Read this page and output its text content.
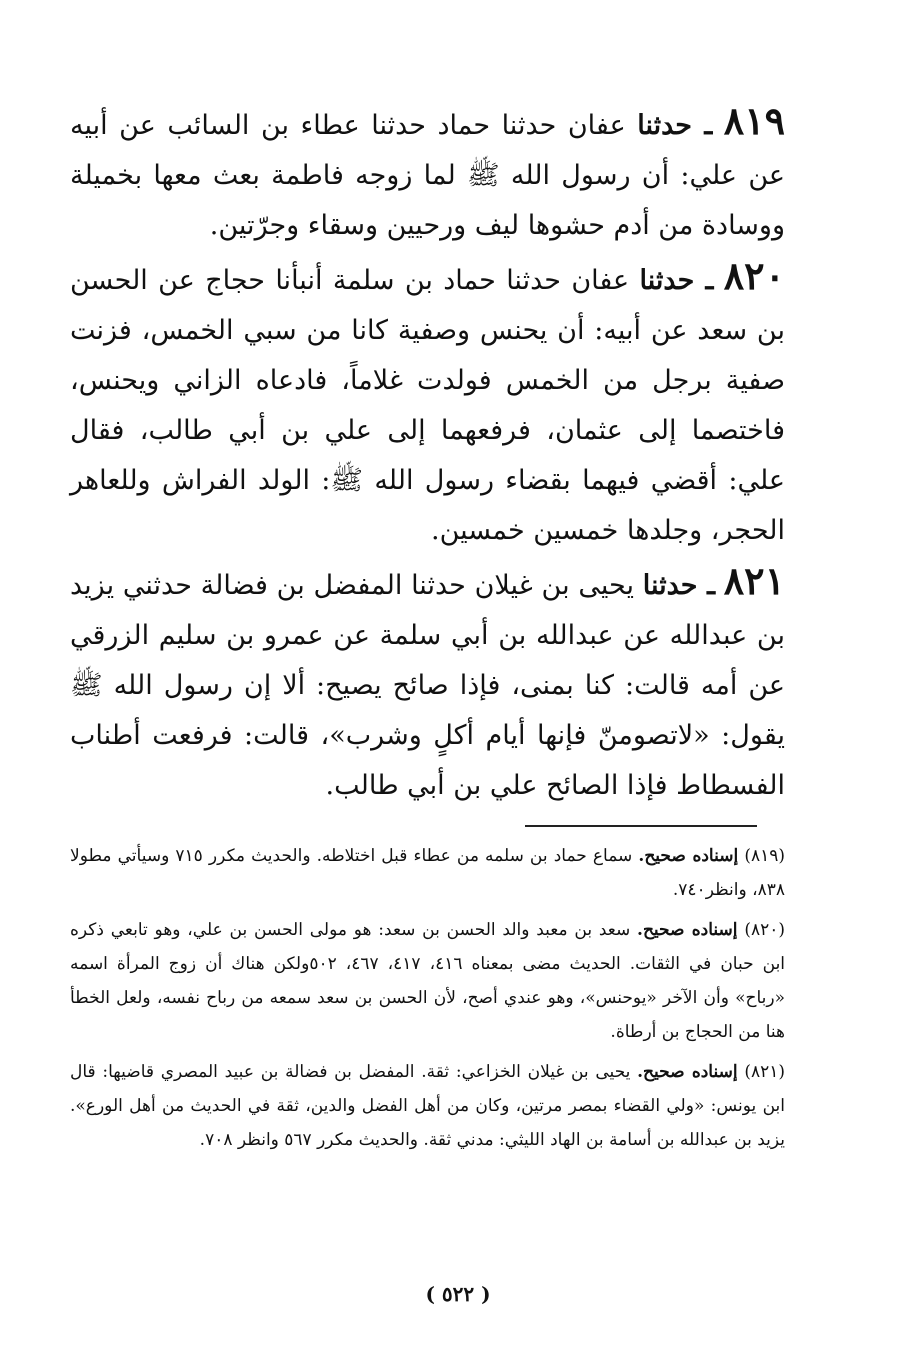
٨١٩ ـ حدثنا عفان حدثنا حماد حدثنا عطاء بن السائب عن أبيه عن علي: أن رسول الله ﷺ لما زوجه فاطمة بعث معها بخميلة ووسادة من أدم حشوها ليف ورحيين وسقاء وجرّتين.

٨٢٠ ـ حدثنا عفان حدثنا حماد بن سلمة أنبأنا حجاج عن الحسن بن سعد عن أبيه: أن يحنس وصفية كانا من سبي الخمس، فزنت صفية برجل من الخمس فولدت غلاماً، فادعاه الزاني ويحنس، فاختصما إلى عثمان، فرفعهما إلى علي بن أبي طالب، فقال علي: أقضي فيهما بقضاء رسول الله ﷺ: الولد الفراش وللعاهر الحجر، وجلدها خمسين خمسين.

٨٢١ ـ حدثنا يحيى بن غيلان حدثنا المفضل بن فضالة حدثني يزيد بن عبدالله عن عبدالله بن أبي سلمة عن عمرو بن سليم الزرقي عن أمه قالت: كنا بمنى، فإذا صائح يصيح: ألا إن رسول الله ﷺ يقول: «لاتصومنّ فإنها أيام أكلٍ وشرب»، قالت: فرفعت أطناب الفسطاط فإذا الصائح علي بن أبي طالب.

(٨١٩) إسناده صحيح. سماع حماد بن سلمه من عطاء قبل اختلاطه. والحديث مكرر ٧١٥ وسيأتي مطولا ٨٣٨، وانظر٧٤٠.

(٨٢٠) إسناده صحيح. سعد بن معبد والد الحسن بن سعد: هو مولى الحسن بن علي، وهو تابعي ذكره ابن حبان في الثقات. الحديث مضى بمعناه ٤١٦، ٤١٧، ٤٦٧، ٥٠٢ولكن هناك أن زوج المرأة اسمه «رباح» وأن الآخر «يوحنس»، وهو عندي أصح، لأن الحسن بن سعد سمعه من رباح نفسه، ولعل الخطأ هنا من الحجاج بن أرطاة.

(٨٢١) إسناده صحيح. يحيى بن غيلان الخزاعي: ثقة. المفضل بن فضالة بن عبيد المصري قاضيها: قال ابن يونس: «ولي القضاء بمصر مرتين، وكان من أهل الفضل والدين، ثقة في الحديث من أهل الورع». يزيد بن عبدالله بن أسامة بن الهاد الليثي: مدني ثقة. والحديث مكرر ٥٦٧ وانظر ٧٠٨.

( ٥٢٢ )
